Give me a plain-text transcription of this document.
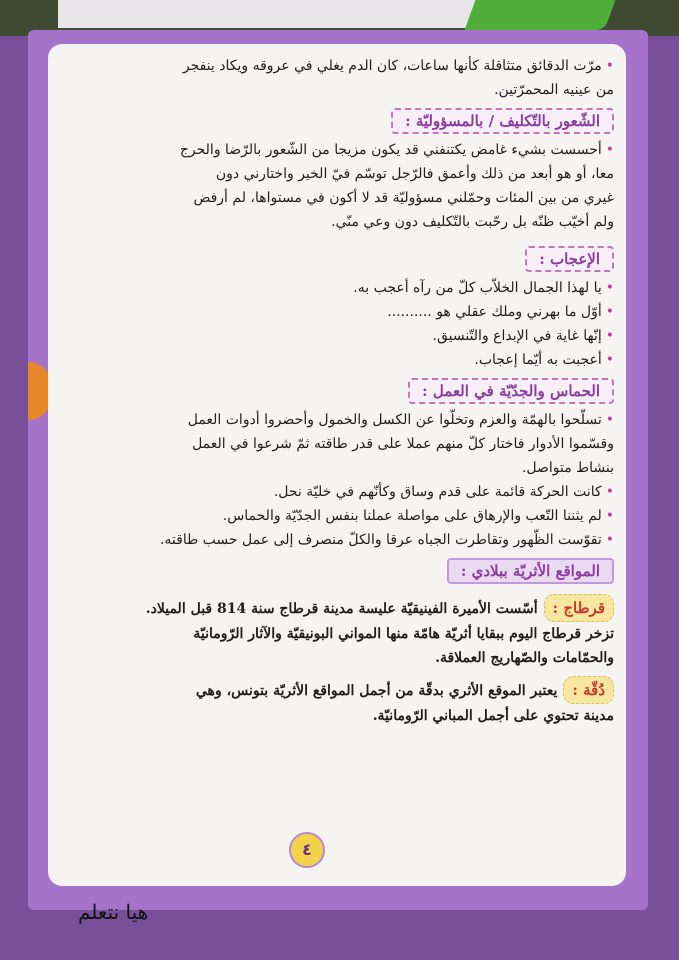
•مرّت الدقائق متثاقلة كأنها ساعات، كان الدم يغلي في عروقه ويكاد ينفجر

من عينيه المحمرّتين.

الشّعور بالتّكليف / بالمسؤوليّة :

•أحسست بشيء غامض يكتنفني قد يكون مزيجا من الشّعور بالرّضا والحرج

معا، أو هو أبعد من ذلك وأعمق فالرّجل توسّم فيّ الخير واختارني دون

غيري من بين المئات وحمّلني مسؤوليّة قد لا أكون في مستواها، لم أرفض

ولم أخيّب ظنّه بل رحّبت بالتّكليف دون وعي منّي.

الإعجاب :

•يا لهذا الجمال الخلاّب كلّ من رآه أعجب به.

•أوّل ما بهرني وملك عقلي هو ..........

•إنّها غاية في الإبداع والتّنسيق.

•أعجبت به أيّما إعجاب.

الحماس والجدّيّة في العمل :

•تسلّحوا بالهمّة والعزم وتخلّوا عن الكسل والخمول وأحضروا أدوات العمل

وقسّموا الأدوار فاختار كلّ منهم عملا على قدر طاقته ثمّ شرعوا في العمل

بنشاط متواصل.

•كانت الحركة قائمة على قدم وساق وكأنّهم في خليّة نحل.

•لم يثننا التّعب والإرهاق على مواصلة عملنا بنفس الجدّيّة والحماس.

•تقوّست الظّهور وتقاطرت الجباه عرقا والكلّ منصرف إلى عمل حسب طاقته.

المواقع الأثريّة ببلادي :

قرطاج :أسّست الأميرة الفينيقيّة عليسة مدينة قرطاج سنة 814 قبل الميلاد.

تزخر قرطاج اليوم ببقايا أثريّة هامّة منها المواني البونيقيّة والآثار الرّومانيّة

والحمّامات والصّهاريج العملاقة.

دُقّة :يعتبر الموقع الأثري بدقّة من أجمل المواقع الأثريّة بتونس، وهي

مدينة تحتوي على أجمل المباني الرّومانيّة.

٤
هيا نتعلم
